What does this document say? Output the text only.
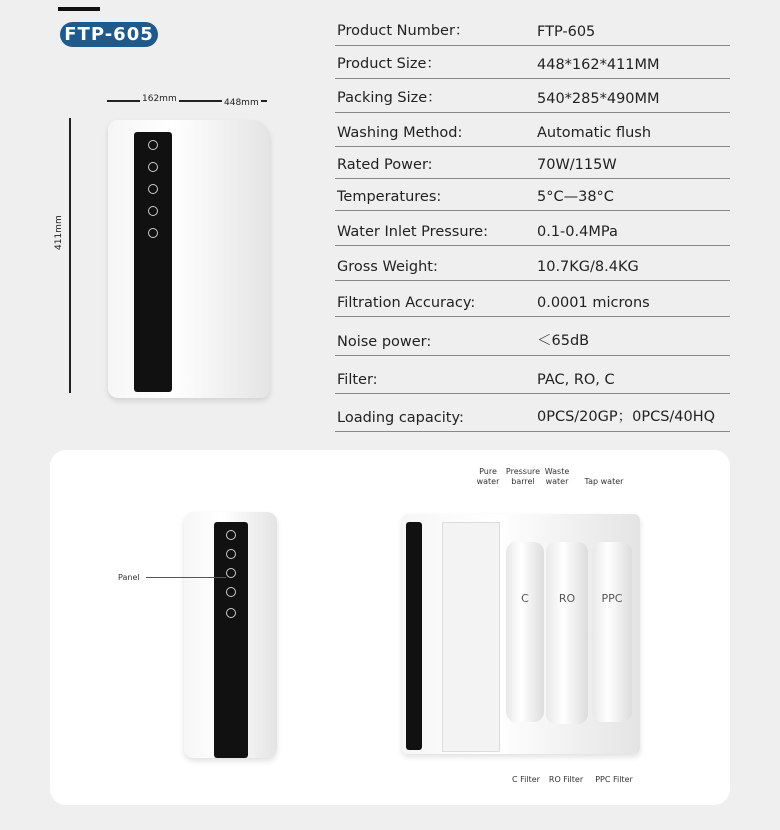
FTP-605
162mm	448mm
411mm
Product Number：	FTP-605
Product Size：	448*162*411MM
Packing Size：	540*285*490MM
Washing Method:	Automatic flush
Rated Power:	70W/115W
Temperatures:	5°C—38°C
Water Inlet Pressure:	0.1-0.4MPa
Gross Weight:	10.7KG/8.4KG
Filtration Accuracy:	0.0001 microns
Noise power:	＜65dB
Filter:	PAC, RO, C
Loading capacity:	0PCS/20GP；0PCS/40HQ
Panel
C	RO	PPC
Pure water
Pressure barrel
Waste water	Tap water
C Filter	RO Filter	PPC Filter
